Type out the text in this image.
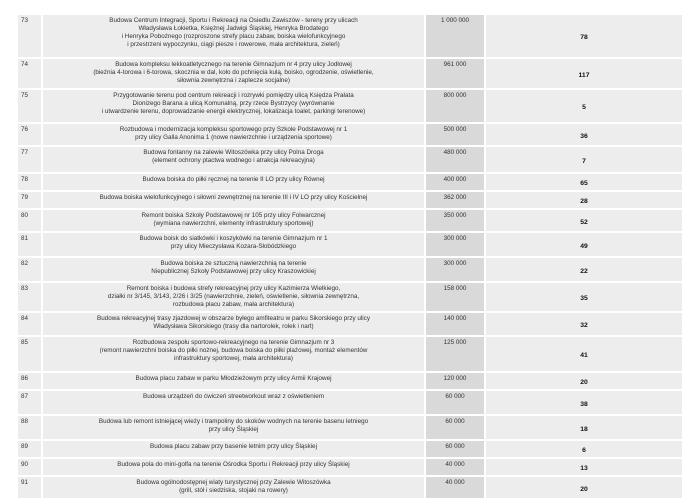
73	Budowa Centrum Integracji, Sportu i Rekreacji na Osiedlu Zawiszów - tereny przy ulicach
Władysława Łokietka, Księżnej Jadwigi Śląskiej, Henryka Brodatego
i Henryka Pobożnego (rozproszone strefy placu zabaw, boiska wielofunkcyjnego
i przestrzeni wypoczynku, ciągi piesze i rowerowe, mała architektura, zieleń)	1 000 000	78
74	Budowa kompleksu lekkoatletycznego na terenie Gimnazjum nr 4 przy ulicy Jodłowej
(bieżnia 4-torowa i 6-torowa, skocznia w dal, koło do pchnięcia kulą, boisko, ogrodzenie, oświetlenie,
siłownia zewnętrzna i zaplecze socjalne)	961 000	117
75	Przygotowanie terenu pod centrum rekreacji i rozrywki pomiędzy ulicą Księdza Prałata
Dionizego Barana a ulicą Komunalną, przy rzece Bystrzycy (wyrównanie
i utwardzenie terenu, doprowadzanie energii elektrycznej, lokalizacja toalet, parkingi terenowe)	800 000	5
76	Rozbudowa i modernizacja kompleksu sportowego przy Szkole Podstawowej nr 1
przy ulicy Galla Anonima 1 (nowe nawierzchnie i urządzenia sportowe)	500 000	36
77	Budowa fontanny na zalewie Witoszówka przy ulicy Polna Droga
(element ochrony ptactwa wodnego i atrakcja rekreacyjna)	480 000	7
78	Budowa boiska do piłki ręcznej na terenie II LO przy ulicy Równej	400 000	65
79	Budowa boiska wielofunkcyjnego i siłowni zewnętrznej na terenie III i IV LO przy ulicy Kościelnej	362 000	28
80	Remont boiska Szkoły Podstawowej nr 105 przy ulicy Folwarcznej
(wymiana nawierzchni, elementy infrastruktury sportowej)	350 000	52
81	Budowa boisk do siatkówki i koszykówki na terenie Gimnazjum nr 1
przy ulicy Mieczysława Kozara-Słobódzkiego	300 000	49
82	Budowa boiska ze sztuczną nawierzchnią na terenie
Niepublicznej Szkoły Podstawowej przy ulicy Kraszowickiej	300 000	22
83	Remont boiska i budowa strefy rekreacyjnej przy ulicy Kazimierza Wielkiego,
działki nr 3/145, 3/143, 2/26 i 3/25 (nawierzchnie, zieleń, oświetlenie, siłownia zewnętrzna,
rozbudowa placu zabaw, mała architektura)	158 000	35
84	Budowa rekreacyjnej trasy zjazdowej w obszarze byłego amfiteatru w parku Sikorskiego przy ulicy
Władysława Sikorskiego (trasy dla nartorolek, rolek i nart)	140 000	32
85	Rozbudowa zespołu sportowo-rekreacyjnego na terenie Gimnazjum nr 3
(remont nawierzchni boiska do piłki nożnej, budowa boiska do piłki plażowej, montaż elementów
infrastruktury sportowej, mała architektura)	125 000	41
86	Budowa placu zabaw w parku Młodzieżowym przy ulicy Armii Krajowej	120 000	20
87	Budowa urządzeń do ćwiczeń streetworkout wraz z oświetleniem	60 000	38
88	Budowa lub remont istniejącej wieży i trampoliny do skoków wodnych na terenie basenu letniego
przy ulicy Śląskiej	60 000	18
89	Budowa placu zabaw przy basenie letnim przy ulicy Śląskiej	60 000	6
90	Budowa pola do mini-golfa na terenie Ośrodka Sportu i Rekreacji przy ulicy Śląskiej	40 000	13
91	Budowa ogólnodostępnej wiaty turystycznej przy Zalewie Witoszówka
(grill, stół i siedziska, stojaki na rowery)	40 000	20
